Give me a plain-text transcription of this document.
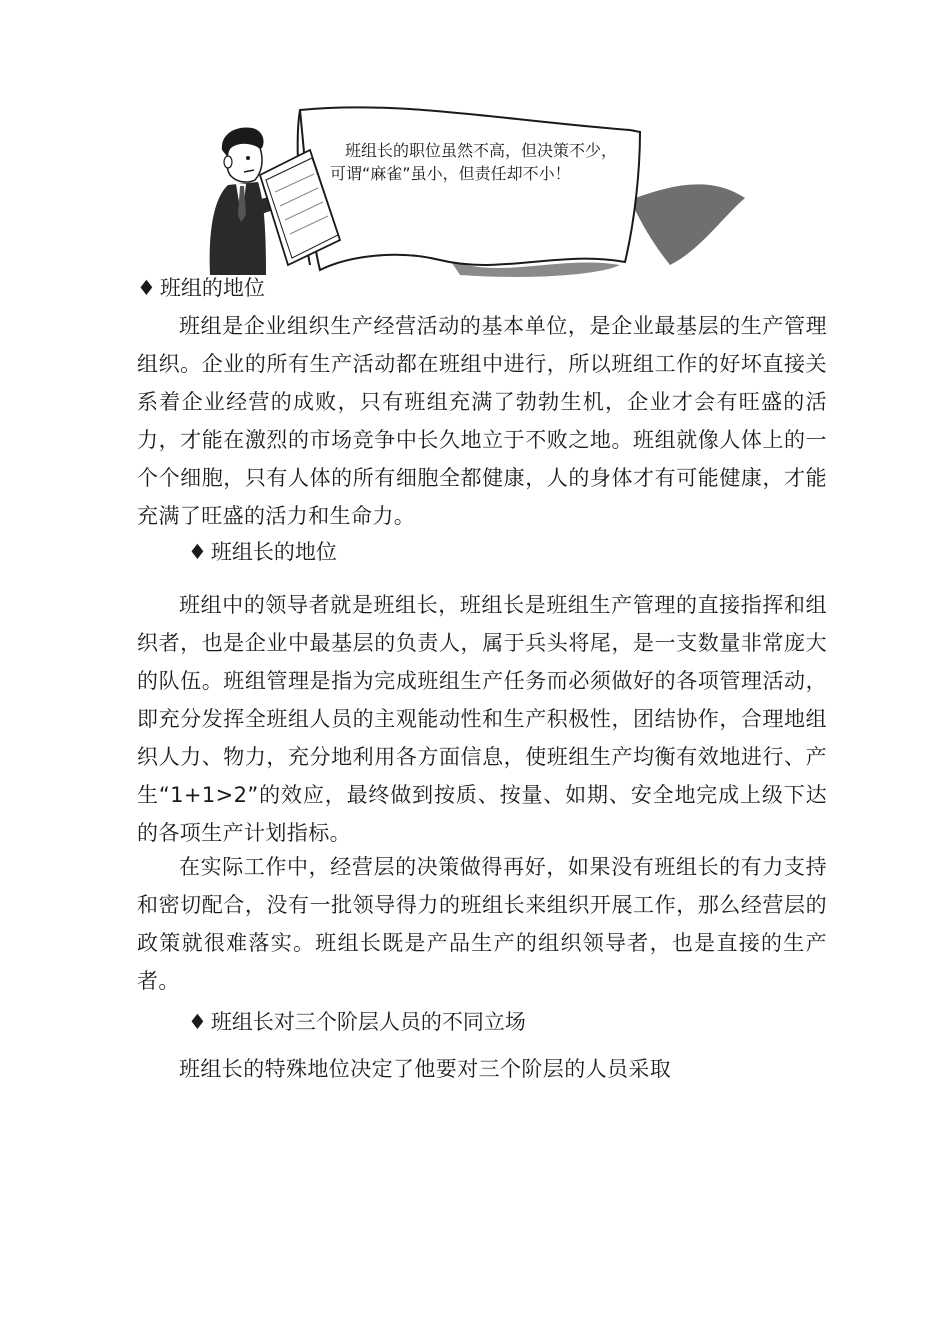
班组长的职位虽然不高，但决策不少，
可谓“麻雀”虽小，但责任却不小！
♦ 班组的地位

班组是企业组织生产经营活动的基本单位，是企业最基层的生产管理组织。企业的所有生产活动都在班组中进行，所以班组工作的好坏直接关系着企业经营的成败，只有班组充满了勃勃生机，企业才会有旺盛的活力，才能在激烈的市场竞争中长久地立于不败之地。班组就像人体上的一个个细胞，只有人体的所有细胞全都健康，人的身体才有可能健康，才能充满了旺盛的活力和生命力。

♦ 班组长的地位

班组中的领导者就是班组长，班组长是班组生产管理的直接指挥和组织者，也是企业中最基层的负责人，属于兵头将尾，是一支数量非常庞大的队伍。班组管理是指为完成班组生产任务而必须做好的各项管理活动，即充分发挥全班组人员的主观能动性和生产积极性，团结协作，合理地组织人力、物力，充分地利用各方面信息，使班组生产均衡有效地进行、产生“1+1>2”的效应，最终做到按质、按量、如期、安全地完成上级下达的各项生产计划指标。

在实际工作中，经营层的决策做得再好，如果没有班组长的有力支持和密切配合，没有一批领导得力的班组长来组织开展工作，那么经营层的政策就很难落实。班组长既是产品生产的组织领导者，也是直接的生产者。

♦ 班组长对三个阶层人员的不同立场

班组长的特殊地位决定了他要对三个阶层的人员采取
